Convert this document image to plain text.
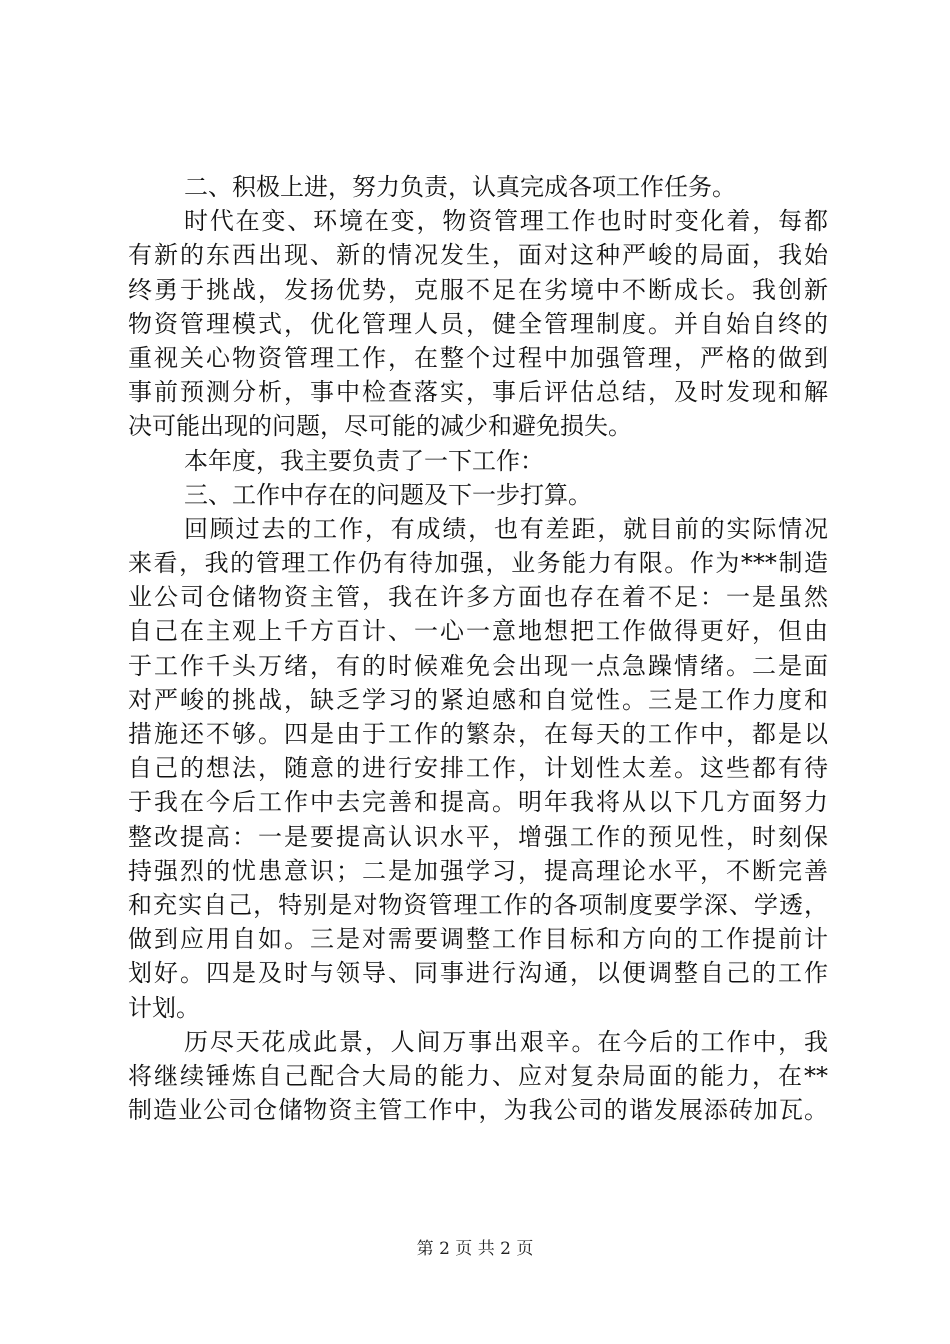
二、积极上进，努力负责，认真完成各项工作任务。
时代在变、环境在变，物资管理工作也时时变化着，每都
有新的东西出现、新的情况发生，面对这种严峻的局面，我始
终勇于挑战，发扬优势，克服不足在劣境中不断成长。我创新
物资管理模式，优化管理人员，健全管理制度。并自始自终的
重视关心物资管理工作，在整个过程中加强管理，严格的做到
事前预测分析，事中检查落实，事后评估总结，及时发现和解
决可能出现的问题，尽可能的减少和避免损失。
本年度，我主要负责了一下工作：
三、工作中存在的问题及下一步打算。
回顾过去的工作，有成绩，也有差距，就目前的实际情况
来看，我的管理工作仍有待加强，业务能力有限。作为***制造
业公司仓储物资主管，我在许多方面也存在着不足：一是虽然
自己在主观上千方百计、一心一意地想把工作做得更好，但由
于工作千头万绪，有的时候难免会出现一点急躁情绪。二是面
对严峻的挑战，缺乏学习的紧迫感和自觉性。三是工作力度和
措施还不够。四是由于工作的繁杂，在每天的工作中，都是以
自己的想法，随意的进行安排工作，计划性太差。这些都有待
于我在今后工作中去完善和提高。明年我将从以下几方面努力
整改提高：一是要提高认识水平，增强工作的预见性，时刻保
持强烈的忧患意识；二是加强学习，提高理论水平，不断完善
和充实自己，特别是对物资管理工作的各项制度要学深、学透，
做到应用自如。三是对需要调整工作目标和方向的工作提前计
划好。四是及时与领导、同事进行沟通，以便调整自己的工作
计划。
历尽天花成此景，人间万事出艰辛。在今后的工作中，我
将继续锤炼自己配合大局的能力、应对复杂局面的能力，在**
制造业公司仓储物资主管工作中，为我公司的谐发展添砖加瓦。
第 2 页 共 2 页
